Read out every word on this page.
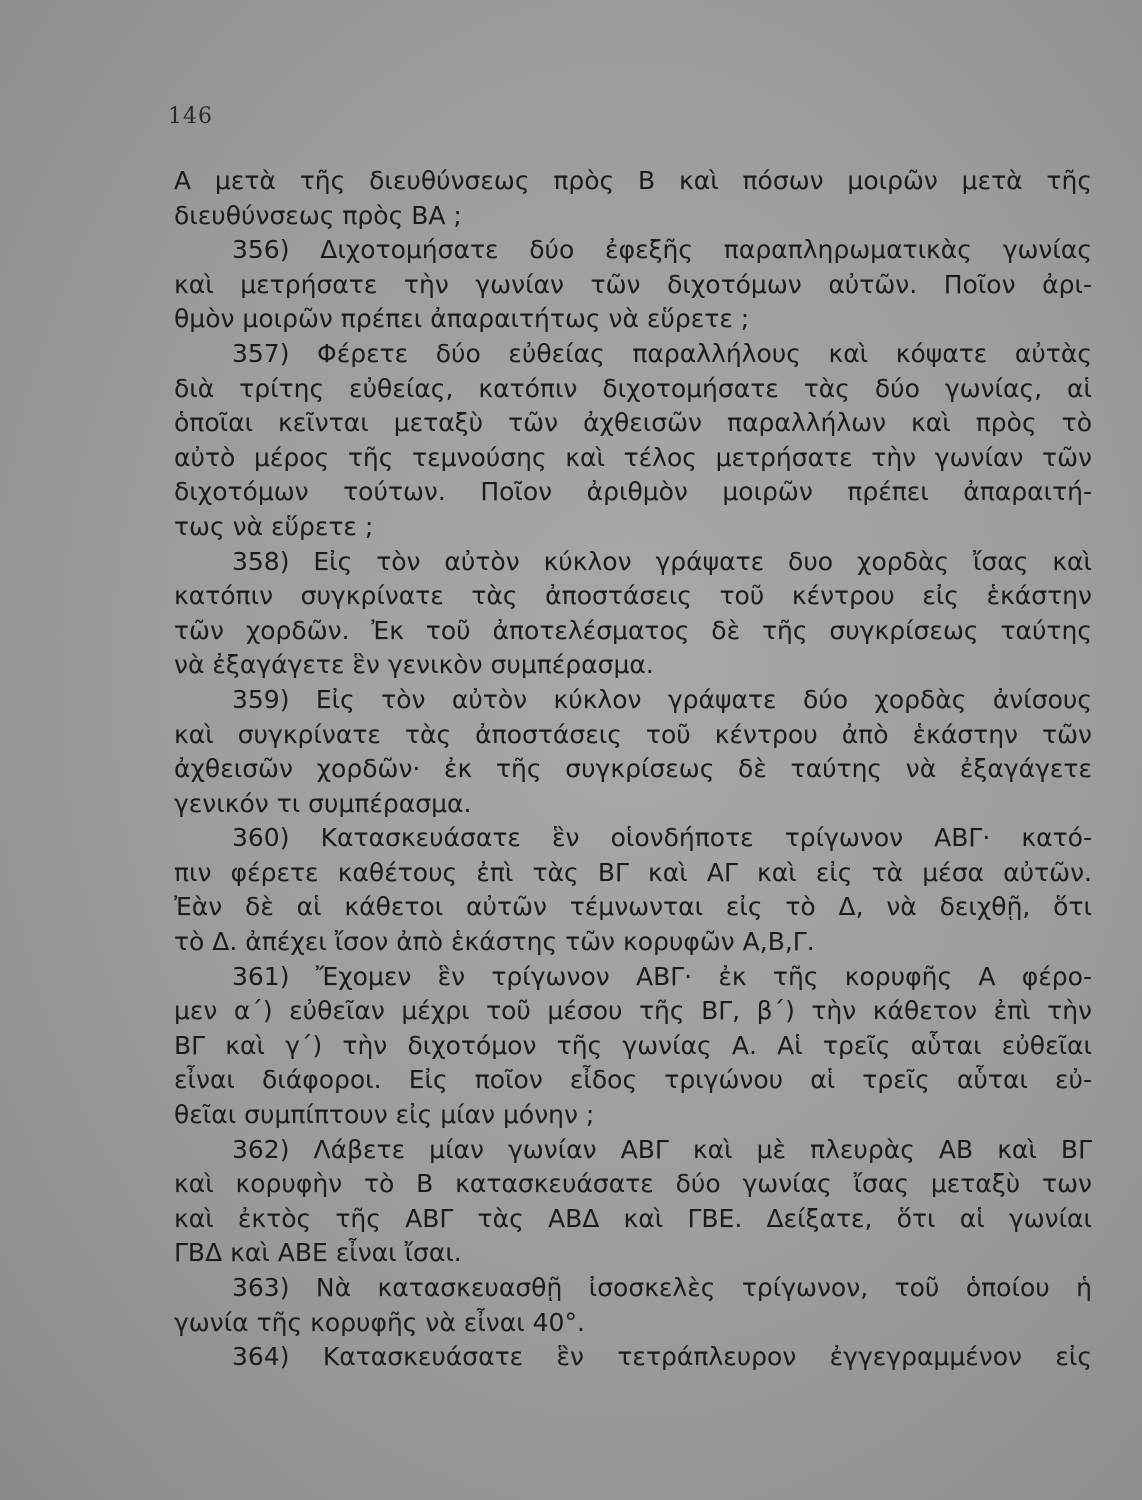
146
Α μετὰ τῆς διευθύνσεως πρὸς Β καὶ πόσων μοιρῶν μετὰ τῆς
διευθύνσεως πρὸς ΒΑ ;
356) Διχοτομήσατε δύο ἐφεξῆς παραπληρωματικὰς γωνίας
καὶ μετρήσατε τὴν γωνίαν τῶν διχοτόμων αὐτῶν. Ποῖον ἀρι-
θμὸν μοιρῶν πρέπει ἀπαραιτήτως νὰ εὕρετε ;
357) Φέρετε δύο εὐθείας παραλλήλους καὶ κόψατε αὐτὰς
διὰ τρίτης εὐθείας, κατόπιν διχοτομήσατε τὰς δύο γωνίας, αἱ
ὁποῖαι κεῖνται μεταξὺ τῶν ἀχθεισῶν παραλλήλων καὶ πρὸς τὸ
αὐτὸ μέρος τῆς τεμνούσης καὶ τέλος μετρήσατε τὴν γωνίαν τῶν
διχοτόμων τούτων. Ποῖον ἀριθμὸν μοιρῶν πρέπει ἀπαραιτή-
τως νὰ εὕρετε ;
358) Εἰς τὸν αὐτὸν κύκλον γράψατε δυο χορδὰς ἴσας καὶ
κατόπιν συγκρίνατε τὰς ἀποστάσεις τοῦ κέντρου εἰς ἑκάστην
τῶν χορδῶν. Ἐκ τοῦ ἀποτελέσματος δὲ τῆς συγκρίσεως ταύτης
νὰ ἐξαγάγετε ἓν γενικὸν συμπέρασμα.
359) Εἰς τὸν αὐτὸν κύκλον γράψατε δύο χορδὰς ἀνίσους
καὶ συγκρίνατε τὰς ἀποστάσεις τοῦ κέντρου ἀπὸ ἑκάστην τῶν
ἀχθεισῶν χορδῶν· ἐκ τῆς συγκρίσεως δὲ ταύτης νὰ ἐξαγάγετε
γενικόν τι συμπέρασμα.
360) Κατασκευάσατε ἓν οἱονδήποτε τρίγωνον ΑΒΓ· κατό-
πιν φέρετε καθέτους ἐπὶ τὰς ΒΓ καὶ ΑΓ καὶ εἰς τὰ μέσα αὐτῶν.
Ἐὰν δὲ αἱ κάθετοι αὐτῶν τέμνωνται εἰς τὸ Δ, νὰ δειχθῇ, ὅτι
τὸ Δ. ἀπέχει ἴσον ἀπὸ ἑκάστης τῶν κορυφῶν Α,Β,Γ.
361) Ἔχομεν ἓν τρίγωνον ΑΒΓ· ἐκ τῆς κορυφῆς Α φέρο-
μεν α΄) εὐθεῖαν μέχρι τοῦ μέσου τῆς ΒΓ, β΄) τὴν κάθετον ἐπὶ τὴν
ΒΓ καὶ γ΄) τὴν διχοτόμον τῆς γωνίας Α. Αἱ τρεῖς αὗται εὐθεῖαι
εἶναι διάφοροι. Εἰς ποῖον εἶδος τριγώνου αἱ τρεῖς αὗται εὐ-
θεῖαι συμπίπτουν εἰς μίαν μόνην ;
362) Λάβετε μίαν γωνίαν ΑΒΓ καὶ μὲ πλευρὰς ΑΒ καὶ ΒΓ
καὶ κορυφὴν τὸ Β κατασκευάσατε δύο γωνίας ἴσας μεταξὺ των
καὶ ἐκτὸς τῆς ΑΒΓ τὰς ΑΒΔ καὶ ΓΒΕ. Δείξατε, ὅτι αἱ γωνίαι
ΓΒΔ καὶ ΑΒΕ εἶναι ἴσαι.
363) Νὰ κατασκευασθῇ ἰσοσκελὲς τρίγωνον, τοῦ ὁποίου ἡ
γωνία τῆς κορυφῆς νὰ εἶναι 40°.
364) Κατασκευάσατε ἓν τετράπλευρον ἐγγεγραμμένον εἰς
